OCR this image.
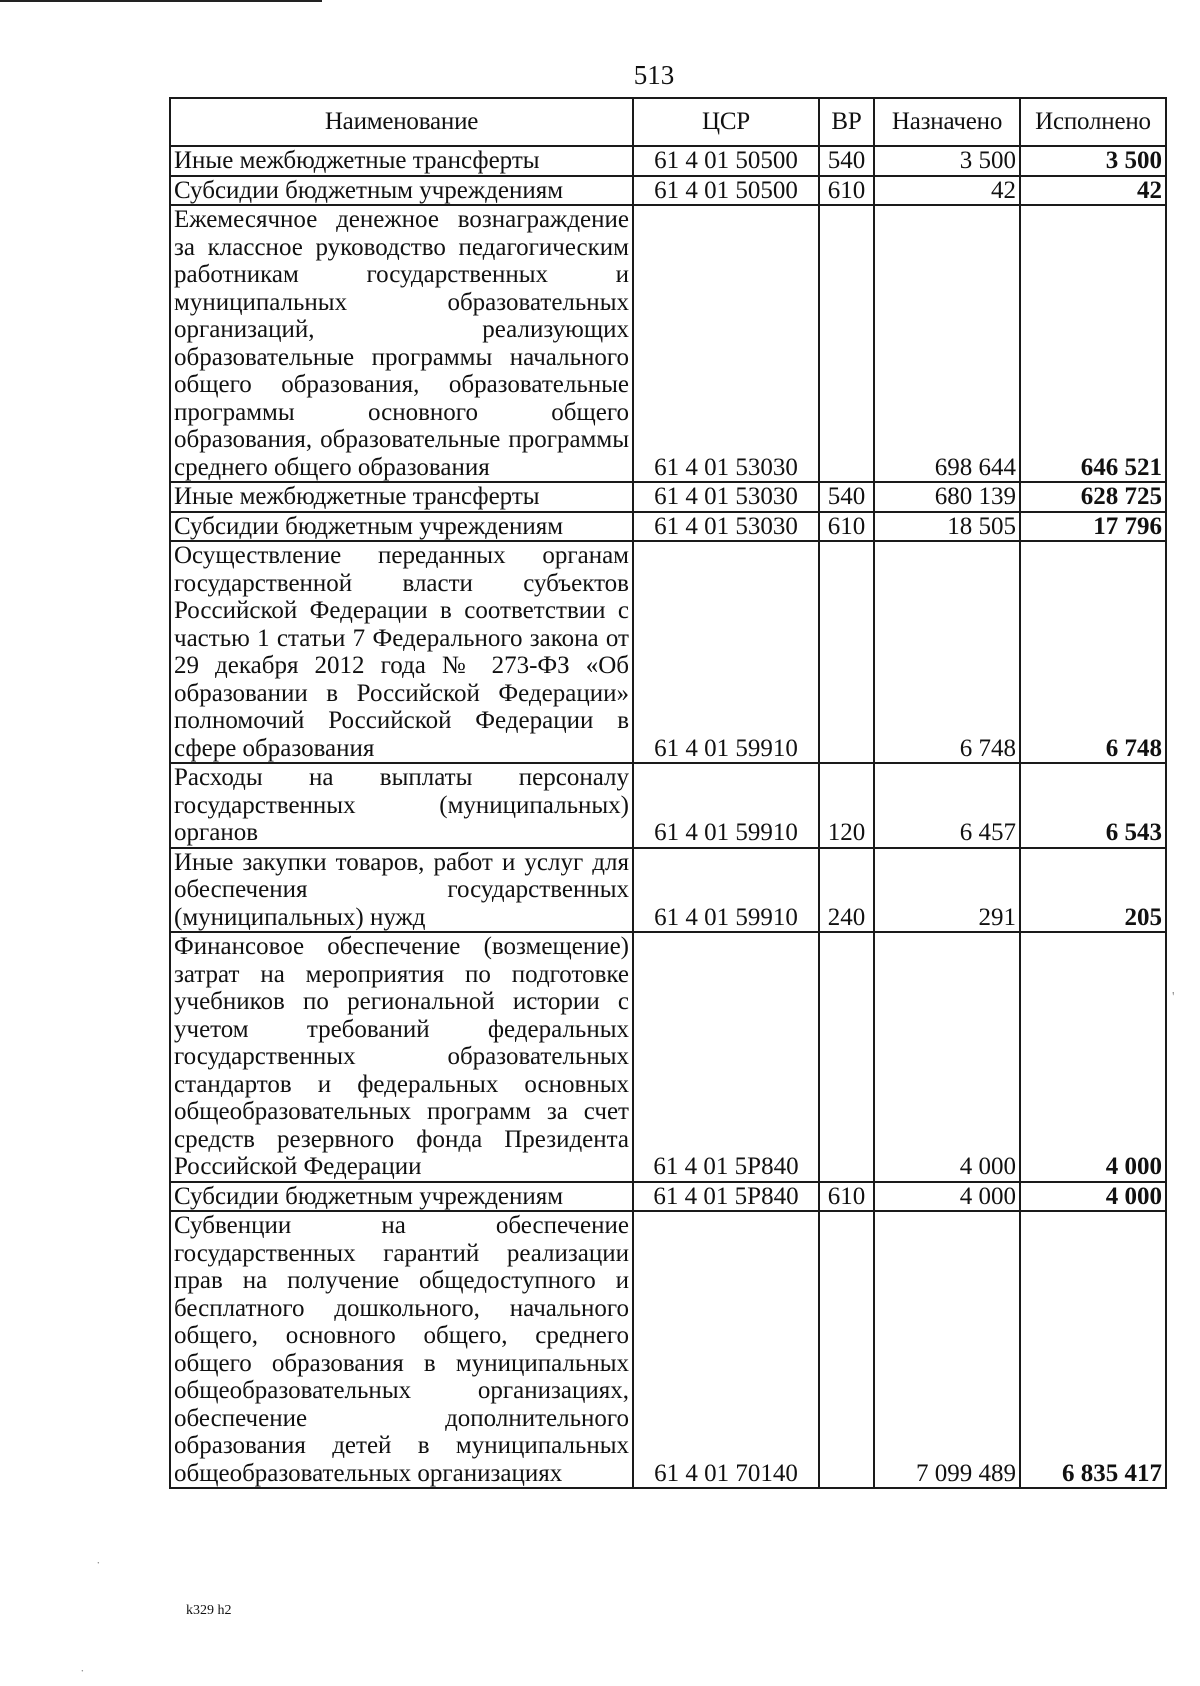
513
Наименование	ЦСР	ВР	Назначено	Исполнено
Иные межбюджетные трансферты	61 4 01 50500	540	3 500	3 500
Субсидии бюджетным учреждениям	61 4 01 50500	610	42	42
Ежемесячное денежное вознаграждение за классное руководство педагогическим работникам государственных и муниципальных образовательных организаций, реализующих образовательные программы начального общего образования, образовательные программы основного общего образования, образовательные программы среднего общего образования	61 4 01 53030		698 644	646 521
Иные межбюджетные трансферты	61 4 01 53030	540	680 139	628 725
Субсидии бюджетным учреждениям	61 4 01 53030	610	18 505	17 796
Осуществление переданных органам государственной власти субъектов Российской Федерации в соответствии с частью 1 статьи 7 Федерального закона от 29 декабря 2012 года № 273-ФЗ «Об образовании в Российской Федерации» полномочий Российской Федерации в сфере образования	61 4 01 59910		6 748	6 748
Расходы на выплаты персоналу государственных (муниципальных) органов	61 4 01 59910	120	6 457	6 543
Иные закупки товаров, работ и услуг для обеспечения государственных (муниципальных) нужд	61 4 01 59910	240	291	205
Финансовое обеспечение (возмещение) затрат на мероприятия по подготовке учебников по региональной истории с учетом требований федеральных государственных образовательных стандартов и федеральных основных общеобразовательных программ за счет средств резервного фонда Президента Российской Федерации	61 4 01 5Р840		4 000	4 000
Субсидии бюджетным учреждениям	61 4 01 5Р840	610	4 000	4 000
Субвенции на обеспечение государственных гарантий реализации прав на получение общедоступного и бесплатного дошкольного, начального общего, основного общего, среднего общего образования в муниципальных общеобразовательных организациях, обеспечение дополнительного образования детей в муниципальных общеобразовательных организациях	61 4 01 70140		7 099 489	6 835 417
k329 h2
'
˙
˙
